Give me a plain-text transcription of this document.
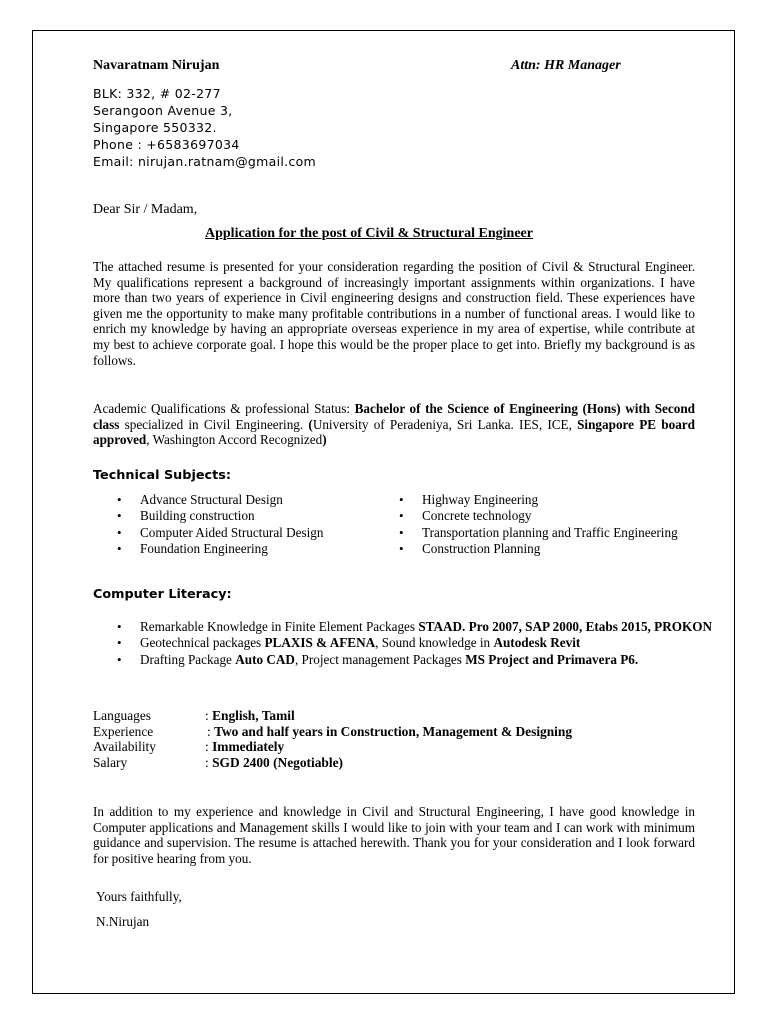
Navaratnam Nirujan	Attn: HR Manager
BLK: 332, # 02-277
Serangoon Avenue 3,
Singapore 550332.
Phone : +6583697034
Email: nirujan.ratnam@gmail.com
Dear Sir / Madam,
Application for the post of Civil & Structural Engineer
The attached resume is presented for your consideration regarding the position of Civil & Structural Engineer. My qualifications represent a background of increasingly important assignments within organizations. I have more than two years of experience in Civil engineering designs and construction field. These experiences have given me the opportunity to make many profitable contributions in a number of functional areas. I would like to enrich my knowledge by having an appropriate overseas experience in my area of expertise, while contribute at my best to achieve corporate goal. I hope this would be the proper place to get into. Briefly my background is as follows.
Academic Qualifications & professional Status: Bachelor of the Science of Engineering (Hons) with Second class specialized in Civil Engineering. (University of Peradeniya, Sri Lanka. IES, ICE, Singapore PE board approved, Washington Accord Recognized)
Technical Subjects:
• Advance Structural Design
• Building construction
• Computer Aided Structural Design
• Foundation Engineering
• Highway Engineering
• Concrete technology
• Transportation planning and Traffic Engineering
• Construction Planning
Computer Literacy:
• Remarkable Knowledge in Finite Element Packages STAAD. Pro 2007, SAP 2000, Etabs 2015, PROKON
• Geotechnical packages PLAXIS & AFENA, Sound knowledge in Autodesk Revit
• Drafting Package Auto CAD, Project management Packages MS Project and Primavera P6.
Languages	: English, Tamil
Experience	: Two and half years in Construction, Management & Designing
Availability	: Immediately
Salary	: SGD 2400 (Negotiable)
In addition to my experience and knowledge in Civil and Structural Engineering, I have good knowledge in Computer applications and Management skills I would like to join with your team and I can work with minimum guidance and supervision. The resume is attached herewith. Thank you for your consideration and I look forward for positive hearing from you.
Yours faithfully,
N.Nirujan
